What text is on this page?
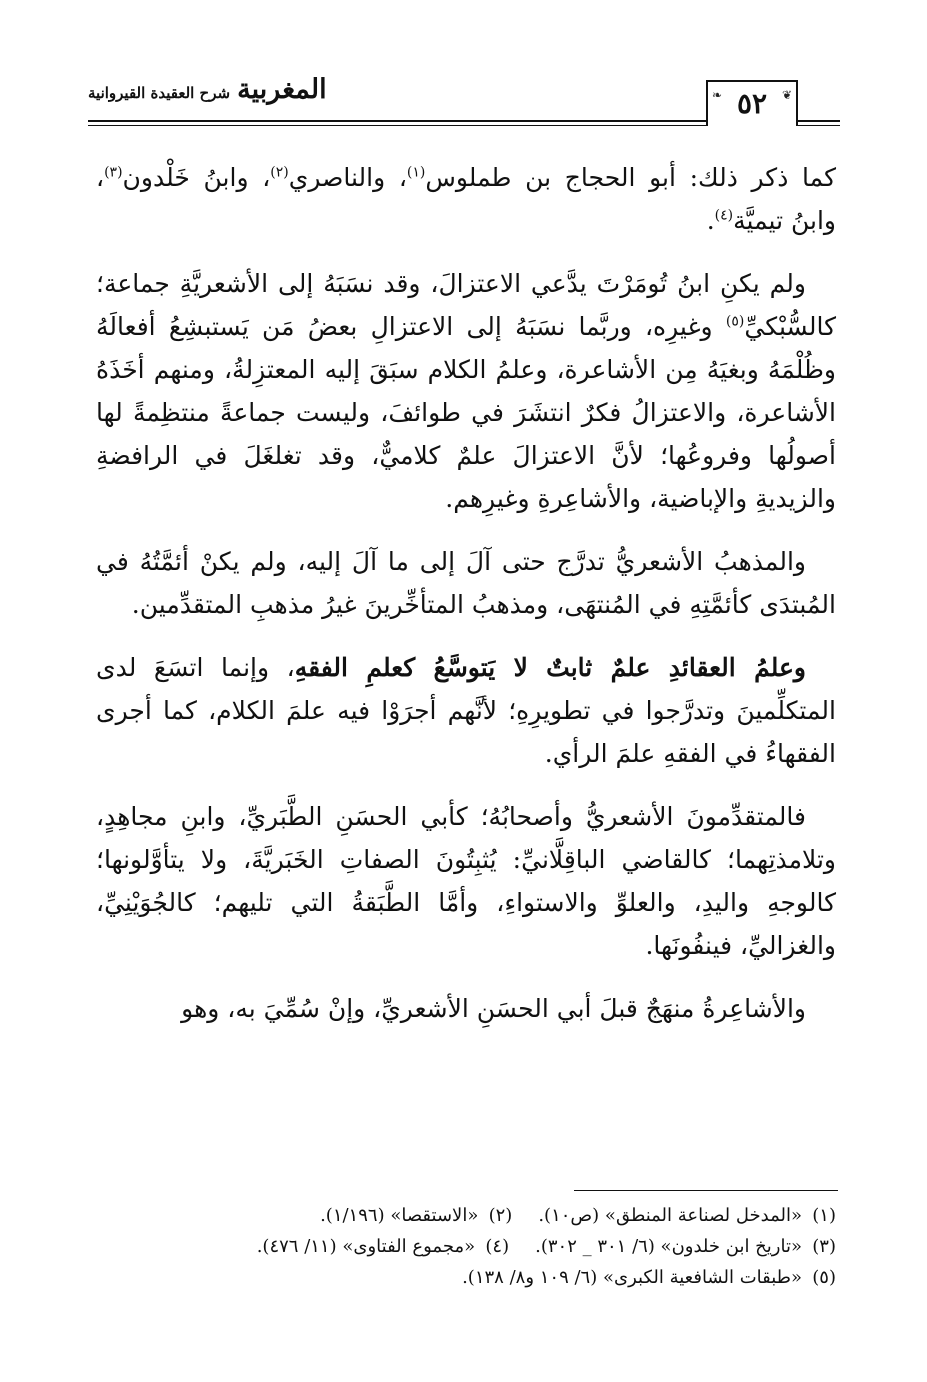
المغربية شرح العقيدة القيروانية	❦
٥٢
❧

كما ذكر ذلك: أبو الحجاج بن طملوس$^{(١)}$، والناصري$^{(٢)}$، وابنُ خَلْدون$^{(٣)}$، وابنُ تيميَّة$^{(٤)}$.

ولم يكنِ ابنُ تُومَرْتَ يدَّعي الاعتزالَ، وقد نسَبَهُ إلى الأشعريَّةِ جماعة؛ كالسُّبْكيِّ$^{(٥)}$ وغيرِه، وربَّما نسَبَهُ إلى الاعتزالِ بعضُ مَن يَستبشِعُ أفعالَهُ وظُلْمَهُ وبغيَهُ مِن الأشاعرة، وعلمُ الكلام سبَقَ إليه المعتزِلةُ، ومنهم أخَذَهُ الأشاعرة، والاعتزالُ فكرٌ انتشَرَ في طوائفَ، وليست جماعةً منتظِمةً لها أصولُها وفروعُها؛ لأنَّ الاعتزالَ علمٌ كلاميٌّ، وقد تغلغَلَ في الرافضةِ والزيديةِ والإباضية، والأشاعِرةِ وغيرِهم.

والمذهبُ الأشعريُّ تدرَّج حتى آلَ إلى ما آلَ إليه، ولم يكنْ أئمَّتُهُ في المُبتدَى كأئمَّتِهِ في المُنتهَى، ومذهبُ المتأخِّرينَ غيرُ مذهبِ المتقدِّمين.

وعلمُ العقائدِ علمٌ ثابتٌ لا يَتوسَّعُ كعلمِ الفقهِ، وإنما اتسَعَ لدى المتكلِّمينَ وتدرَّجوا في تطويرِهِ؛ لأنَّهم أجرَوْا فيه علمَ الكلام، كما أجرى الفقهاءُ في الفقهِ علمَ الرأي.

فالمتقدِّمونَ الأشعريُّ وأصحابُهُ؛ كأبي الحسَنِ الطَّبَريِّ، وابنِ مجاهِدٍ، وتلامذتِهما؛ كالقاضي الباقِلَّانيِّ: يُثبِتُونَ الصفاتِ الخَبَريَّةَ، ولا يتأوَّلونها؛ كالوجهِ واليدِ، والعلوِّ والاستواءِ، وأمَّا الطَّبَقةُ التي تليهم؛ كالجُوَيْنِيِّ، والغزاليِّ، فينفُونَها.

والأشاعِرةُ منهَجٌ قبلَ أبي الحسَنِ الأشعريِّ، وإنْ سُمِّيَ به، وهو

(١)«المدخل لصناعة المنطق» (ص١٠).(٢)«الاستقصا» (١/١٩٦).
(٣)«تاريخ ابن خلدون» (٦/ ٣٠١ _ ٣٠٢).(٤)«مجموع الفتاوى» (١١/ ٤٧٦).
(٥)«طبقات الشافعية الكبرى» (٦/ ١٠٩ و٨/ ١٣٨).
